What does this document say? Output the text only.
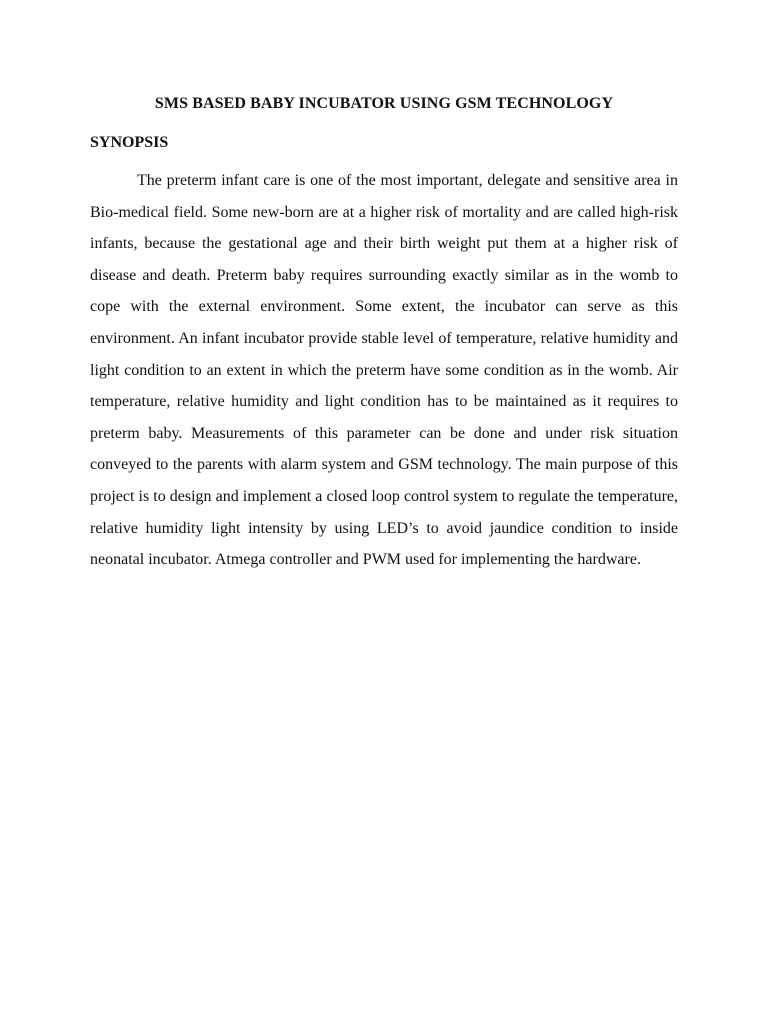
SMS BASED BABY INCUBATOR USING GSM TECHNOLOGY
SYNOPSIS

The preterm infant care is one of the most important, delegate and sensitive area in Bio-medical field. Some new-born are at a higher risk of mortality and are called high-risk infants, because the gestational age and their birth weight put them at a higher risk of disease and death. Preterm baby requires surrounding exactly similar as in the womb to cope with the external environment. Some extent, the incubator can serve as this environment. An infant incubator provide stable level of temperature, relative humidity and light condition to an extent in which the preterm have some condition as in the womb. Air temperature, relative humidity and light condition has to be maintained as it requires to preterm baby. Measurements of this parameter can be done and under risk situation conveyed to the parents with alarm system and GSM technology. The main purpose of this project is to design and implement a closed loop control system to regulate the temperature, relative humidity light intensity by using LED’s to avoid jaundice condition to inside neonatal incubator. Atmega controller and PWM used for implementing the hardware.
